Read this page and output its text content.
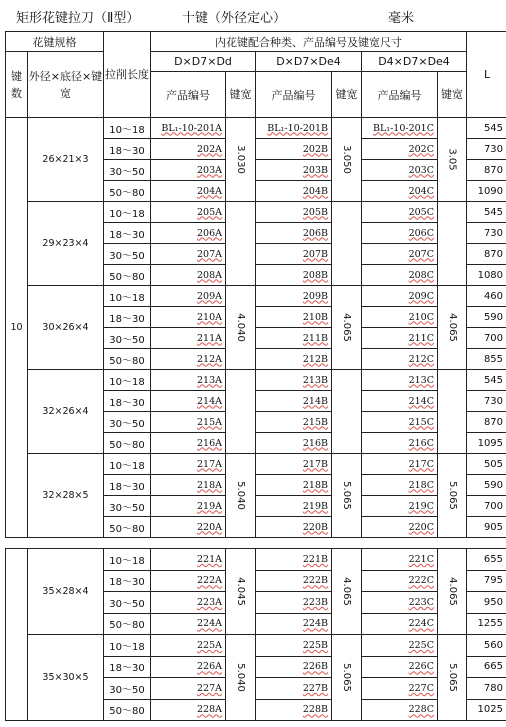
矩形花键拉刀（Ⅱ型）	十键（外径定心）	毫米
花键规格		拉削长度	内花键配合种类、产品编号及键宽尺寸						L
键数	外径×底径×键宽		D×D7×Dd		D×D7×De4		D4×D7×De4		
			产品编号	键宽	产品编号	键宽	产品编号	键宽	
10	26×21×3	10～18	BL₁-10-201A	3.030	BL₁-10-201B	3.050	BL₁-10-201C	3.05	545
		18～30	202A		202B		202C		730
		30～50	203A		203B		203C		870
		50～80	204A		204B		204C		1090
	29×23×4	10～18	205A		205B		205C		545
		18～30	206A		206B		206C		730
		30～50	207A		207B		207C		870
		50～80	208A		208B		208C		1080
	30×26×4	10～18	209A	4.040	209B	4.065	209C	4.065	460
		18～30	210A		210B		210C		590
		30～50	211A		211B		211C		700
		50～80	212A		212B		212C		855
	32×26×4	10～18	213A		213B		213C		545
		18～30	214A		214B		214C		730
		30～50	215A		215B		215C		870
		50～80	216A		216B		216C		1095
	32×28×5	10～18	217A	5.040	217B	5.065	217C	5.065	505
		18～30	218A		218B		218C		590
		30～50	219A		219B		219C		700
		50～80	220A		220B		220C		905
	35×28×4	10～18	221A	4.045	221B	4.065	221C	4.065	655
		18～30	222A		222B		222C		795
		30～50	223A		223B		223C		950
		50～80	224A		224B		224C		1255
	35×30×5	10～18	225A	5.040	225B	5.065	225C	5.065	560
		18～30	226A		226B		226C		665
		30～50	227A		227B		227C		780
		50～80	228A		228B		228C		1025
